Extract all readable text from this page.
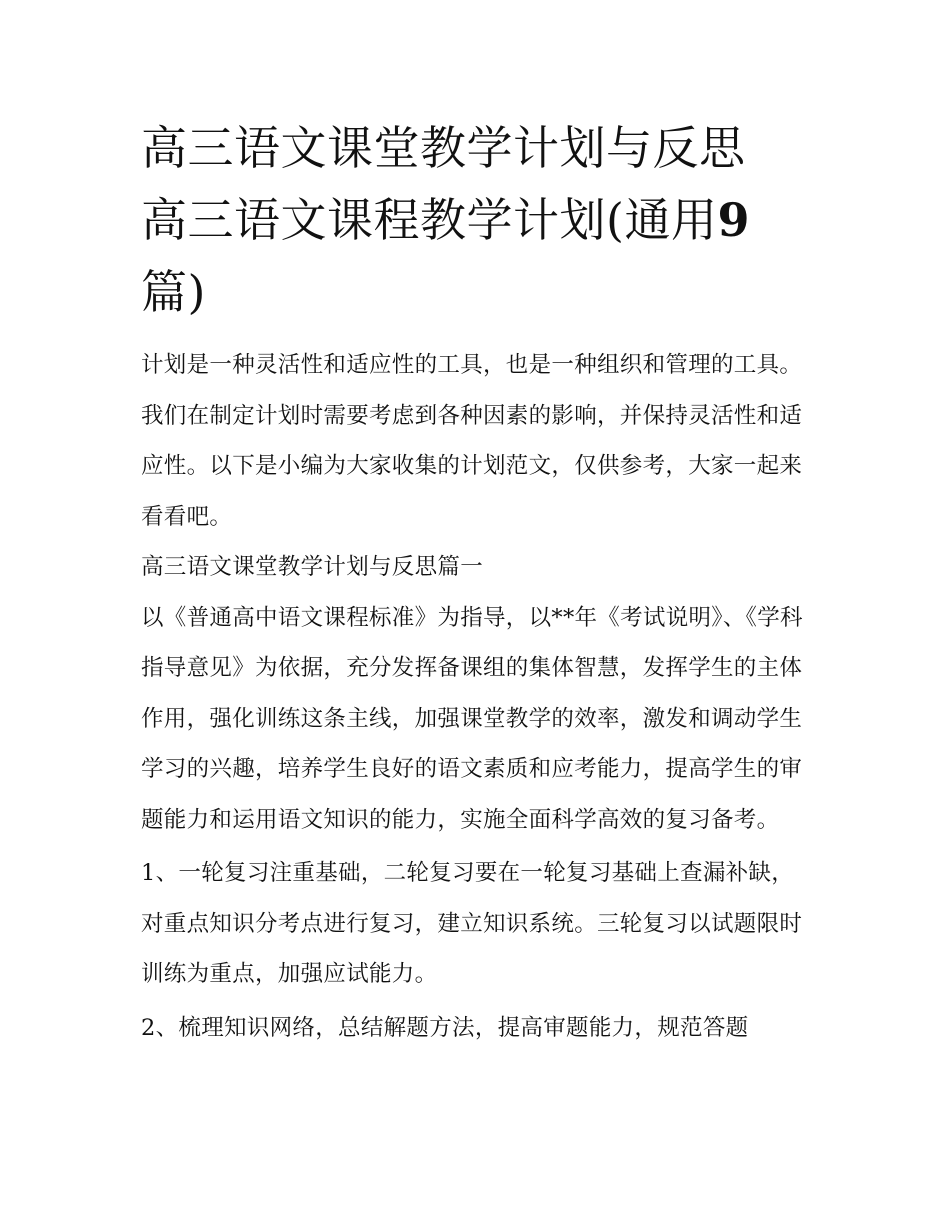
高三语文课堂教学计划与反思
高三语文课程教学计划(通用9
篇)

计划是一种灵活性和适应性的工具，也是一种组织和管理的工具。我们在制定计划时需要考虑到各种因素的影响，并保持灵活性和适应性。以下是小编为大家收集的计划范文，仅供参考，大家一起来看看吧。

高三语文课堂教学计划与反思篇一

以《普通高中语文课程标准》为指导，以**年《考试说明》、《学科指导意见》为依据，充分发挥备课组的集体智慧，发挥学生的主体作用，强化训练这条主线，加强课堂教学的效率，激发和调动学生学习的兴趣，培养学生良好的语文素质和应考能力，提高学生的审题能力和运用语文知识的能力，实施全面科学高效的复习备考。

1、一轮复习注重基础，二轮复习要在一轮复习基础上查漏补缺，对重点知识分考点进行复习，建立知识系统。三轮复习以试题限时训练为重点，加强应试能力。

2、梳理知识网络，总结解题方法，提高审题能力，规范答题
